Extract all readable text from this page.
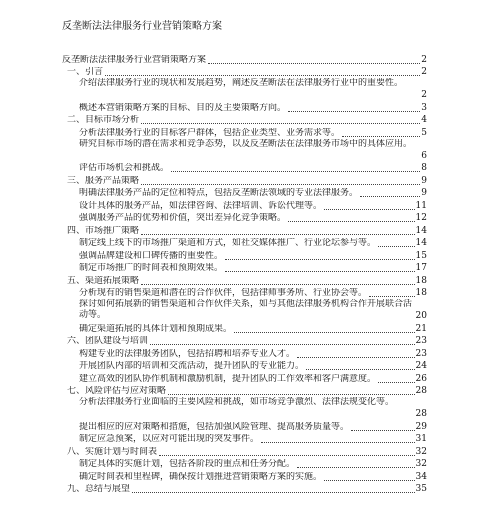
反垄断法法律服务行业营销策略方案
反垄断法法律服务行业营销策略方案	2
一、引言	2
介绍法律服务行业的现状和发展趋势，阐述反垄断法在法律服务行业中的重要性。
2
概述本营销策略方案的目标、目的及主要策略方向。	3
二、目标市场分析	4
分析法律服务行业的目标客户群体，包括企业类型、业务需求等。	5
研究目标市场的潜在需求和竞争态势，以及反垄断法在法律服务市场中的具体应用。
6
评估市场机会和挑战。	8
三、服务产品策略	9
明确法律服务产品的定位和特点，包括反垄断法领域的专业法律服务。	9
设计具体的服务产品，如法律咨询、法律培训、诉讼代理等。	11
强调服务产品的优势和价值，突出差异化竞争策略。	12
四、市场推广策略	14
制定线上线下的市场推广渠道和方式，如社交媒体推广、行业论坛参与等。	14
强调品牌建设和口碑传播的重要性。	15
制定市场推广的时间表和预期效果。	17
五、渠道拓展策略	18
分析现有的销售渠道和潜在的合作伙伴，包括律师事务所、行业协会等。	18
探讨如何拓展新的销售渠道和合作伙伴关系，如与其他法律服务机构合作开展联合活动等。	20
确定渠道拓展的具体计划和预期成果。	21
六、团队建设与培训	23
构建专业的法律服务团队，包括招聘和培养专业人才。	23
开展团队内部的培训和交流活动，提升团队的专业能力。	24
建立高效的团队协作机制和激励机制，提升团队的工作效率和客户满意度。	26
七、风险评估与应对策略	28
分析法律服务行业面临的主要风险和挑战，如市场竞争激烈、法律法规变化等。
28
提出相应的应对策略和措施，包括加强风险管理、提高服务质量等。	29
制定应急预案，以应对可能出现的突发事件。	31
八、实施计划与时间表	32
制定具体的实施计划，包括各阶段的重点和任务分配。	32
确定时间表和里程碑，确保按计划推进营销策略方案的实施。	34
九、总结与展望	35
